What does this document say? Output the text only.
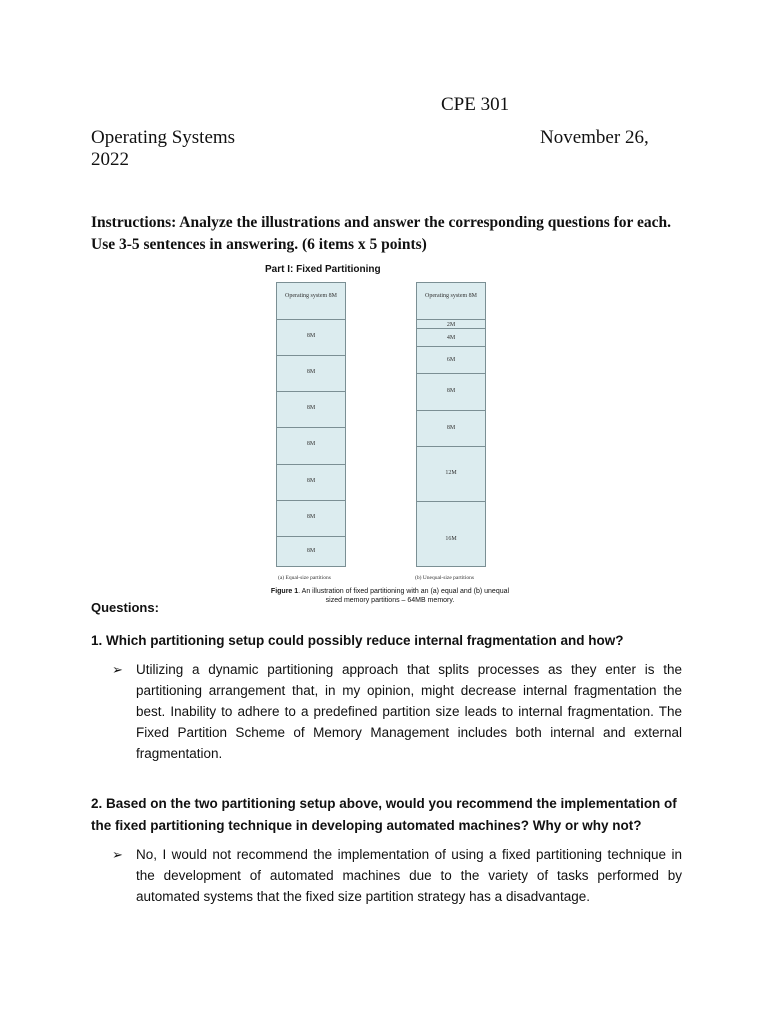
CPE 301
Operating Systems	November 26,
2022
Instructions: Analyze the illustrations and answer the corresponding questions for each. Use 3-5 sentences in answering. (6 items x 5 points)
Part I: Fixed Partitioning
Operating system 8M
8M
8M
8M
8M
8M
8M
8M
Operating system 8M
2M
4M
6M
8M
8M
12M
16M
(a) Equal-size partitions	(b) Unequal-size partitions
Figure 1. An illustration of fixed partitioning with an (a) equal and (b) unequal sized memory partitions – 64MB memory.
Questions:
1. Which partitioning setup could possibly reduce internal fragmentation and how?
➢ Utilizing a dynamic partitioning approach that splits processes as they enter is the partitioning arrangement that, in my opinion, might decrease internal fragmentation the best. Inability to adhere to a predefined partition size leads to internal fragmentation. The Fixed Partition Scheme of Memory Management includes both internal and external fragmentation.
2. Based on the two partitioning setup above, would you recommend the implementation of the fixed partitioning technique in developing automated machines? Why or why not?
➢ No, I would not recommend the implementation of using a fixed partitioning technique in the development of automated machines due to the variety of tasks performed by automated systems that the fixed size partition strategy has a disadvantage.
